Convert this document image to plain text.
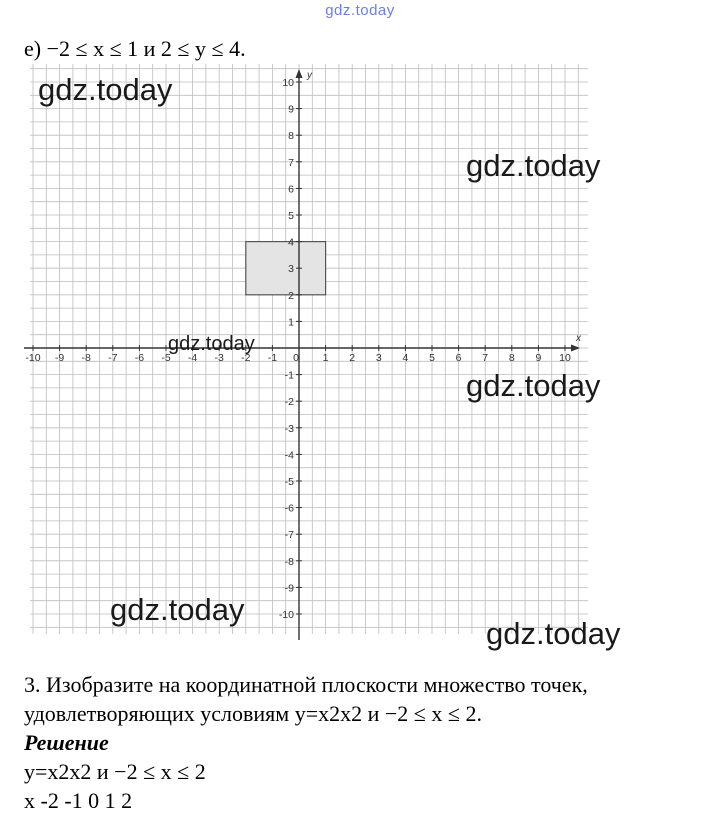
gdz.today
е) −2 ≤ x ≤ 1 и 2 ≤ y ≤ 4.
x
y
-10 -9 -8 -7 -6 -5 -4 -3 -2 -1 0 1 2 3 4 5 6 7 8 9 10
1
2
3
4
5
6
7
8
9
10
-1
-2
-3
-4
-5
-6
-7
-8
-9
-10
gdz.today
gdz.today
gdz.today
gdz.today
gdz.today
gdz.today
3. Изобразите на координатной плоскости множество точек,
удовлетворяющих условиям y=x2x2 и −2 ≤ x ≤ 2.
Решение
y=x2x2 и −2 ≤ x ≤ 2
x -2 -1 0 1 2
